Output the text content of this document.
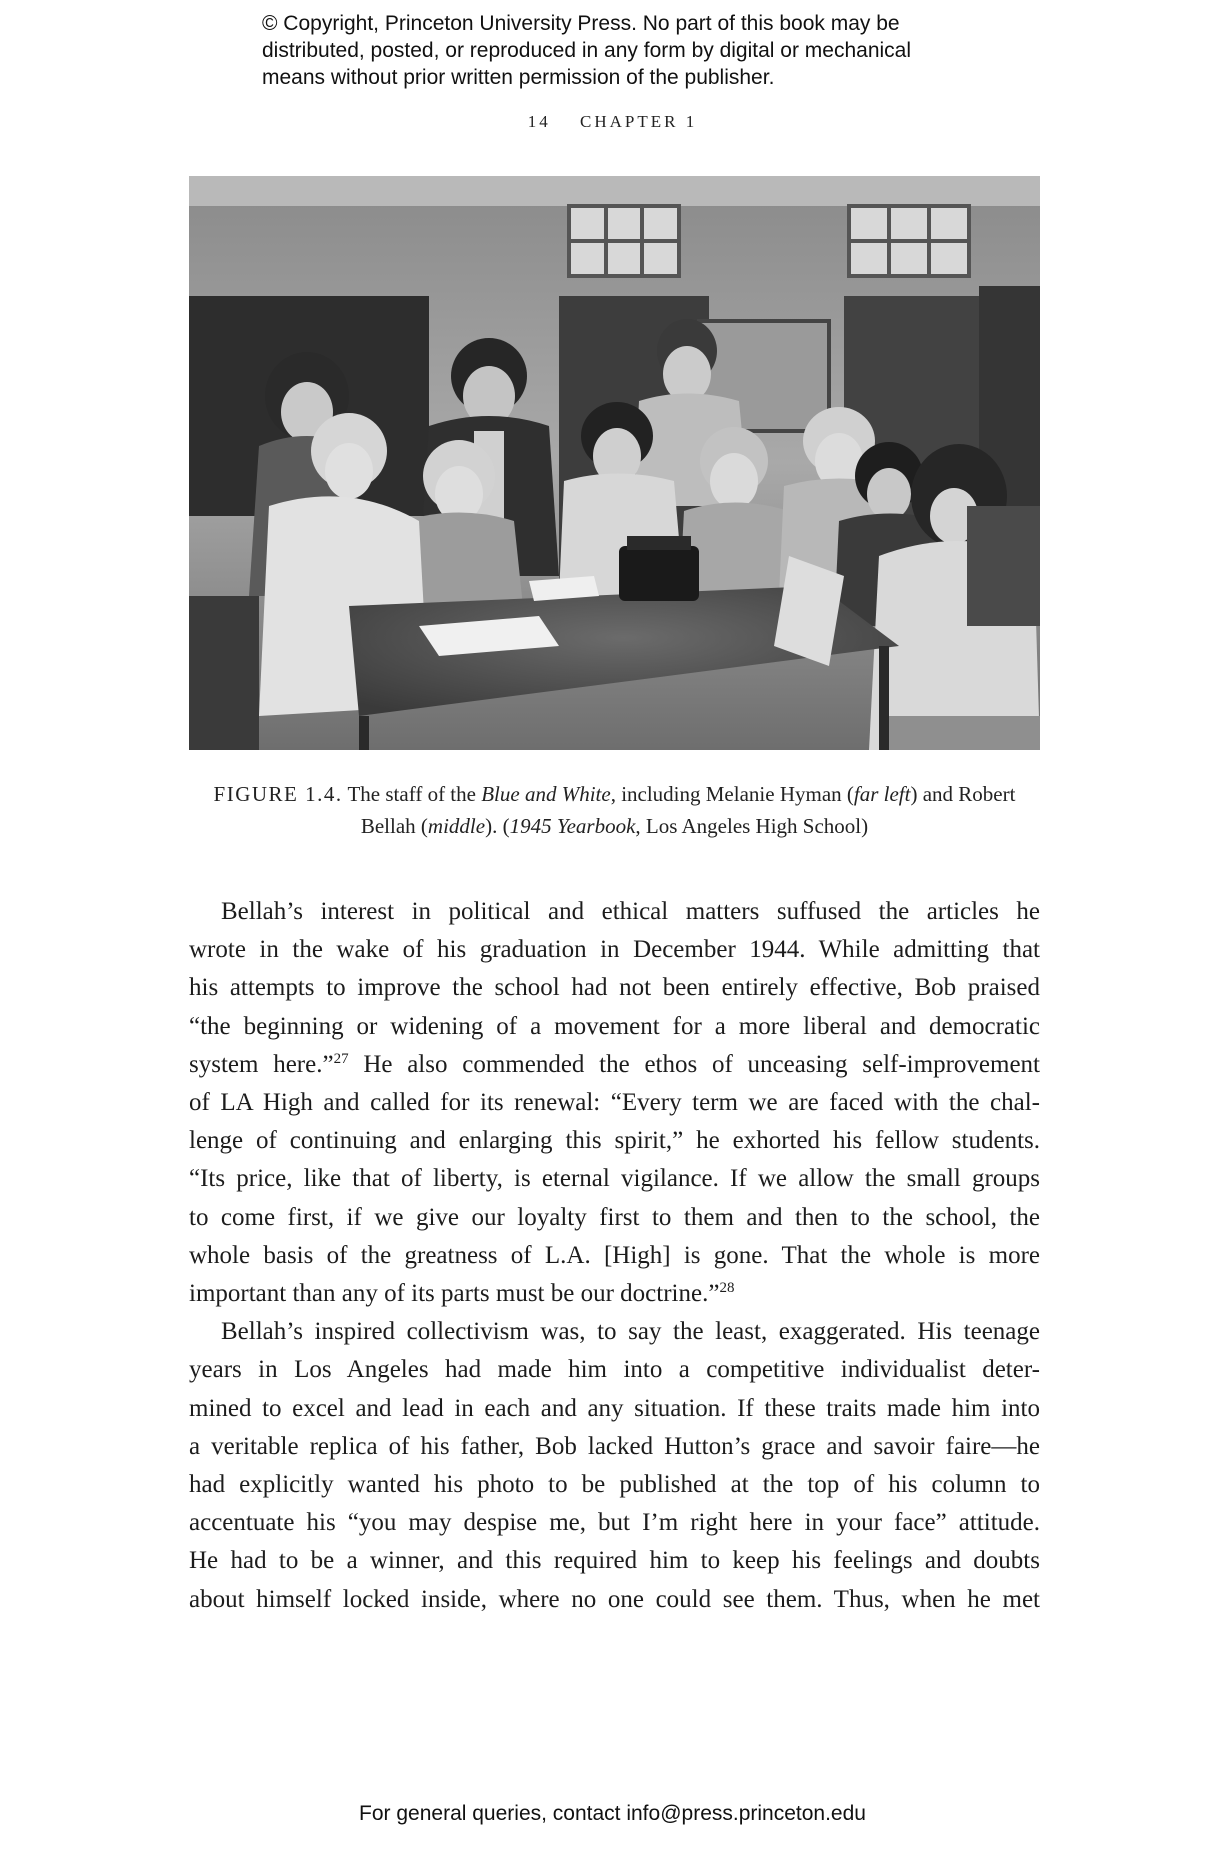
© Copyright, Princeton University Press. No part of this book may be
distributed, posted, or reproduced in any form by digital or mechanical
means without prior written permission of the publisher.
14 CHAPTER 1
FIGURE 1.4. The staff of the Blue and White, including Melanie Hyman (far left) and Robert
Bellah (middle). (1945 Yearbook, Los Angeles High School)
Bellah’s interest in political and ethical matters suffused the articles he
wrote in the wake of his graduation in December 1944. While admitting that
his attempts to improve the school had not been entirely effective, Bob praised
“the beginning or widening of a movement for a more liberal and democratic
system here.”$^{27}$ He also commended the ethos of unceasing self-improvement
of LA High and called for its renewal: “Every term we are faced with the chal-
lenge of continuing and enlarging this spirit,” he exhorted his fellow students.
“Its price, like that of liberty, is eternal vigilance. If we allow the small groups
to come first, if we give our loyalty first to them and then to the school, the
whole basis of the greatness of L.A. [High] is gone. That the whole is more
important than any of its parts must be our doctrine.”$^{28}$
Bellah’s inspired collectivism was, to say the least, exaggerated. His teenage
years in Los Angeles had made him into a competitive individualist deter-
mined to excel and lead in each and any situation. If these traits made him into
a veritable replica of his father, Bob lacked Hutton’s grace and savoir faire—he
had explicitly wanted his photo to be published at the top of his column to
accentuate his “you may despise me, but I’m right here in your face” attitude.
He had to be a winner, and this required him to keep his feelings and doubts
about himself locked inside, where no one could see them. Thus, when he met
For general queries, contact info@press.princeton.edu
